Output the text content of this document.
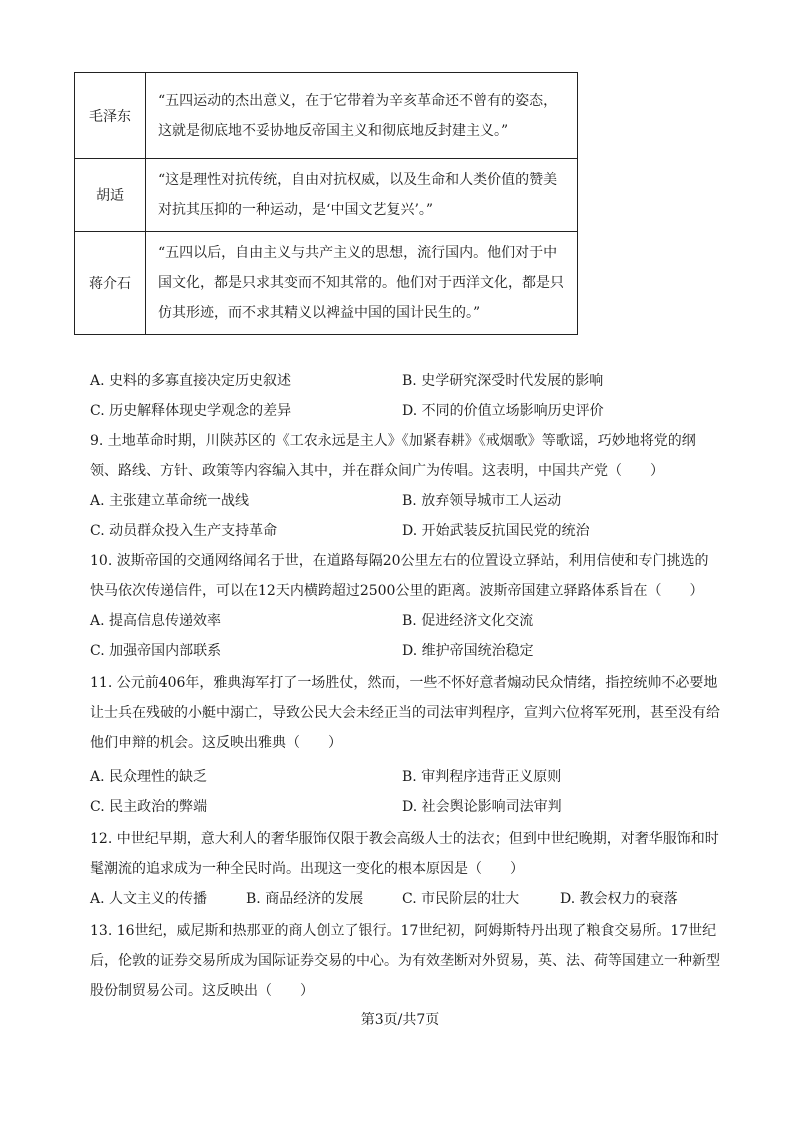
毛泽东	“五四运动的杰出意义，在于它带着为辛亥革命还不曾有的姿态，这就是彻底地不妥协地反帝国主义和彻底地反封建主义。”
胡适	“这是理性对抗传统，自由对抗权威，以及生命和人类价值的赞美对抗其压抑的一种运动，是‘中国文艺复兴’。”
蒋介石	“五四以后，自由主义与共产主义的思想，流行国内。他们对于中国文化，都是只求其变而不知其常的。他们对于西洋文化，都是只仿其形迹，而不求其精义以裨益中国的国计民生的。”
A. 史料的多寡直接决定历史叙述	B. 史学研究深受时代发展的影响
C. 历史解释体现史学观念的差异	D. 不同的价值立场影响历史评价
9. 土地革命时期，川陕苏区的《工农永远是主人》《加紧春耕》《戒烟歌》等歌谣，巧妙地将党的纲领、路线、方针、政策等内容编入其中，并在群众间广为传唱。这表明，中国共产党（　　）
A. 主张建立革命统一战线	B. 放弃领导城市工人运动
C. 动员群众投入生产支持革命	D. 开始武装反抗国民党的统治
10. 波斯帝国的交通网络闻名于世，在道路每隔20公里左右的位置设立驿站，利用信使和专门挑选的快马依次传递信件，可以在12天内横跨超过2500公里的距离。波斯帝国建立驿路体系旨在（　　）
A. 提高信息传递效率	B. 促进经济文化交流
C. 加强帝国内部联系	D. 维护帝国统治稳定
11. 公元前406年，雅典海军打了一场胜仗，然而，一些不怀好意者煽动民众情绪，指控统帅不必要地让士兵在残破的小艇中溺亡，导致公民大会未经正当的司法审判程序，宣判六位将军死刑，甚至没有给他们申辩的机会。这反映出雅典（　　）
A. 民众理性的缺乏	B. 审判程序违背正义原则
C. 民主政治的弊端	D. 社会舆论影响司法审判
12. 中世纪早期，意大利人的奢华服饰仅限于教会高级人士的法衣；但到中世纪晚期，对奢华服饰和时髦潮流的追求成为一种全民时尚。出现这一变化的根本原因是（　　）
A. 人文主义的传播	B. 商品经济的发展	C. 市民阶层的壮大	D. 教会权力的衰落
13. 16世纪，威尼斯和热那亚的商人创立了银行。17世纪初，阿姆斯特丹出现了粮食交易所。17世纪后，伦敦的证券交易所成为国际证券交易的中心。为有效垄断对外贸易，英、法、荷等国建立一种新型股份制贸易公司。这反映出（　　）
第3页/共7页
